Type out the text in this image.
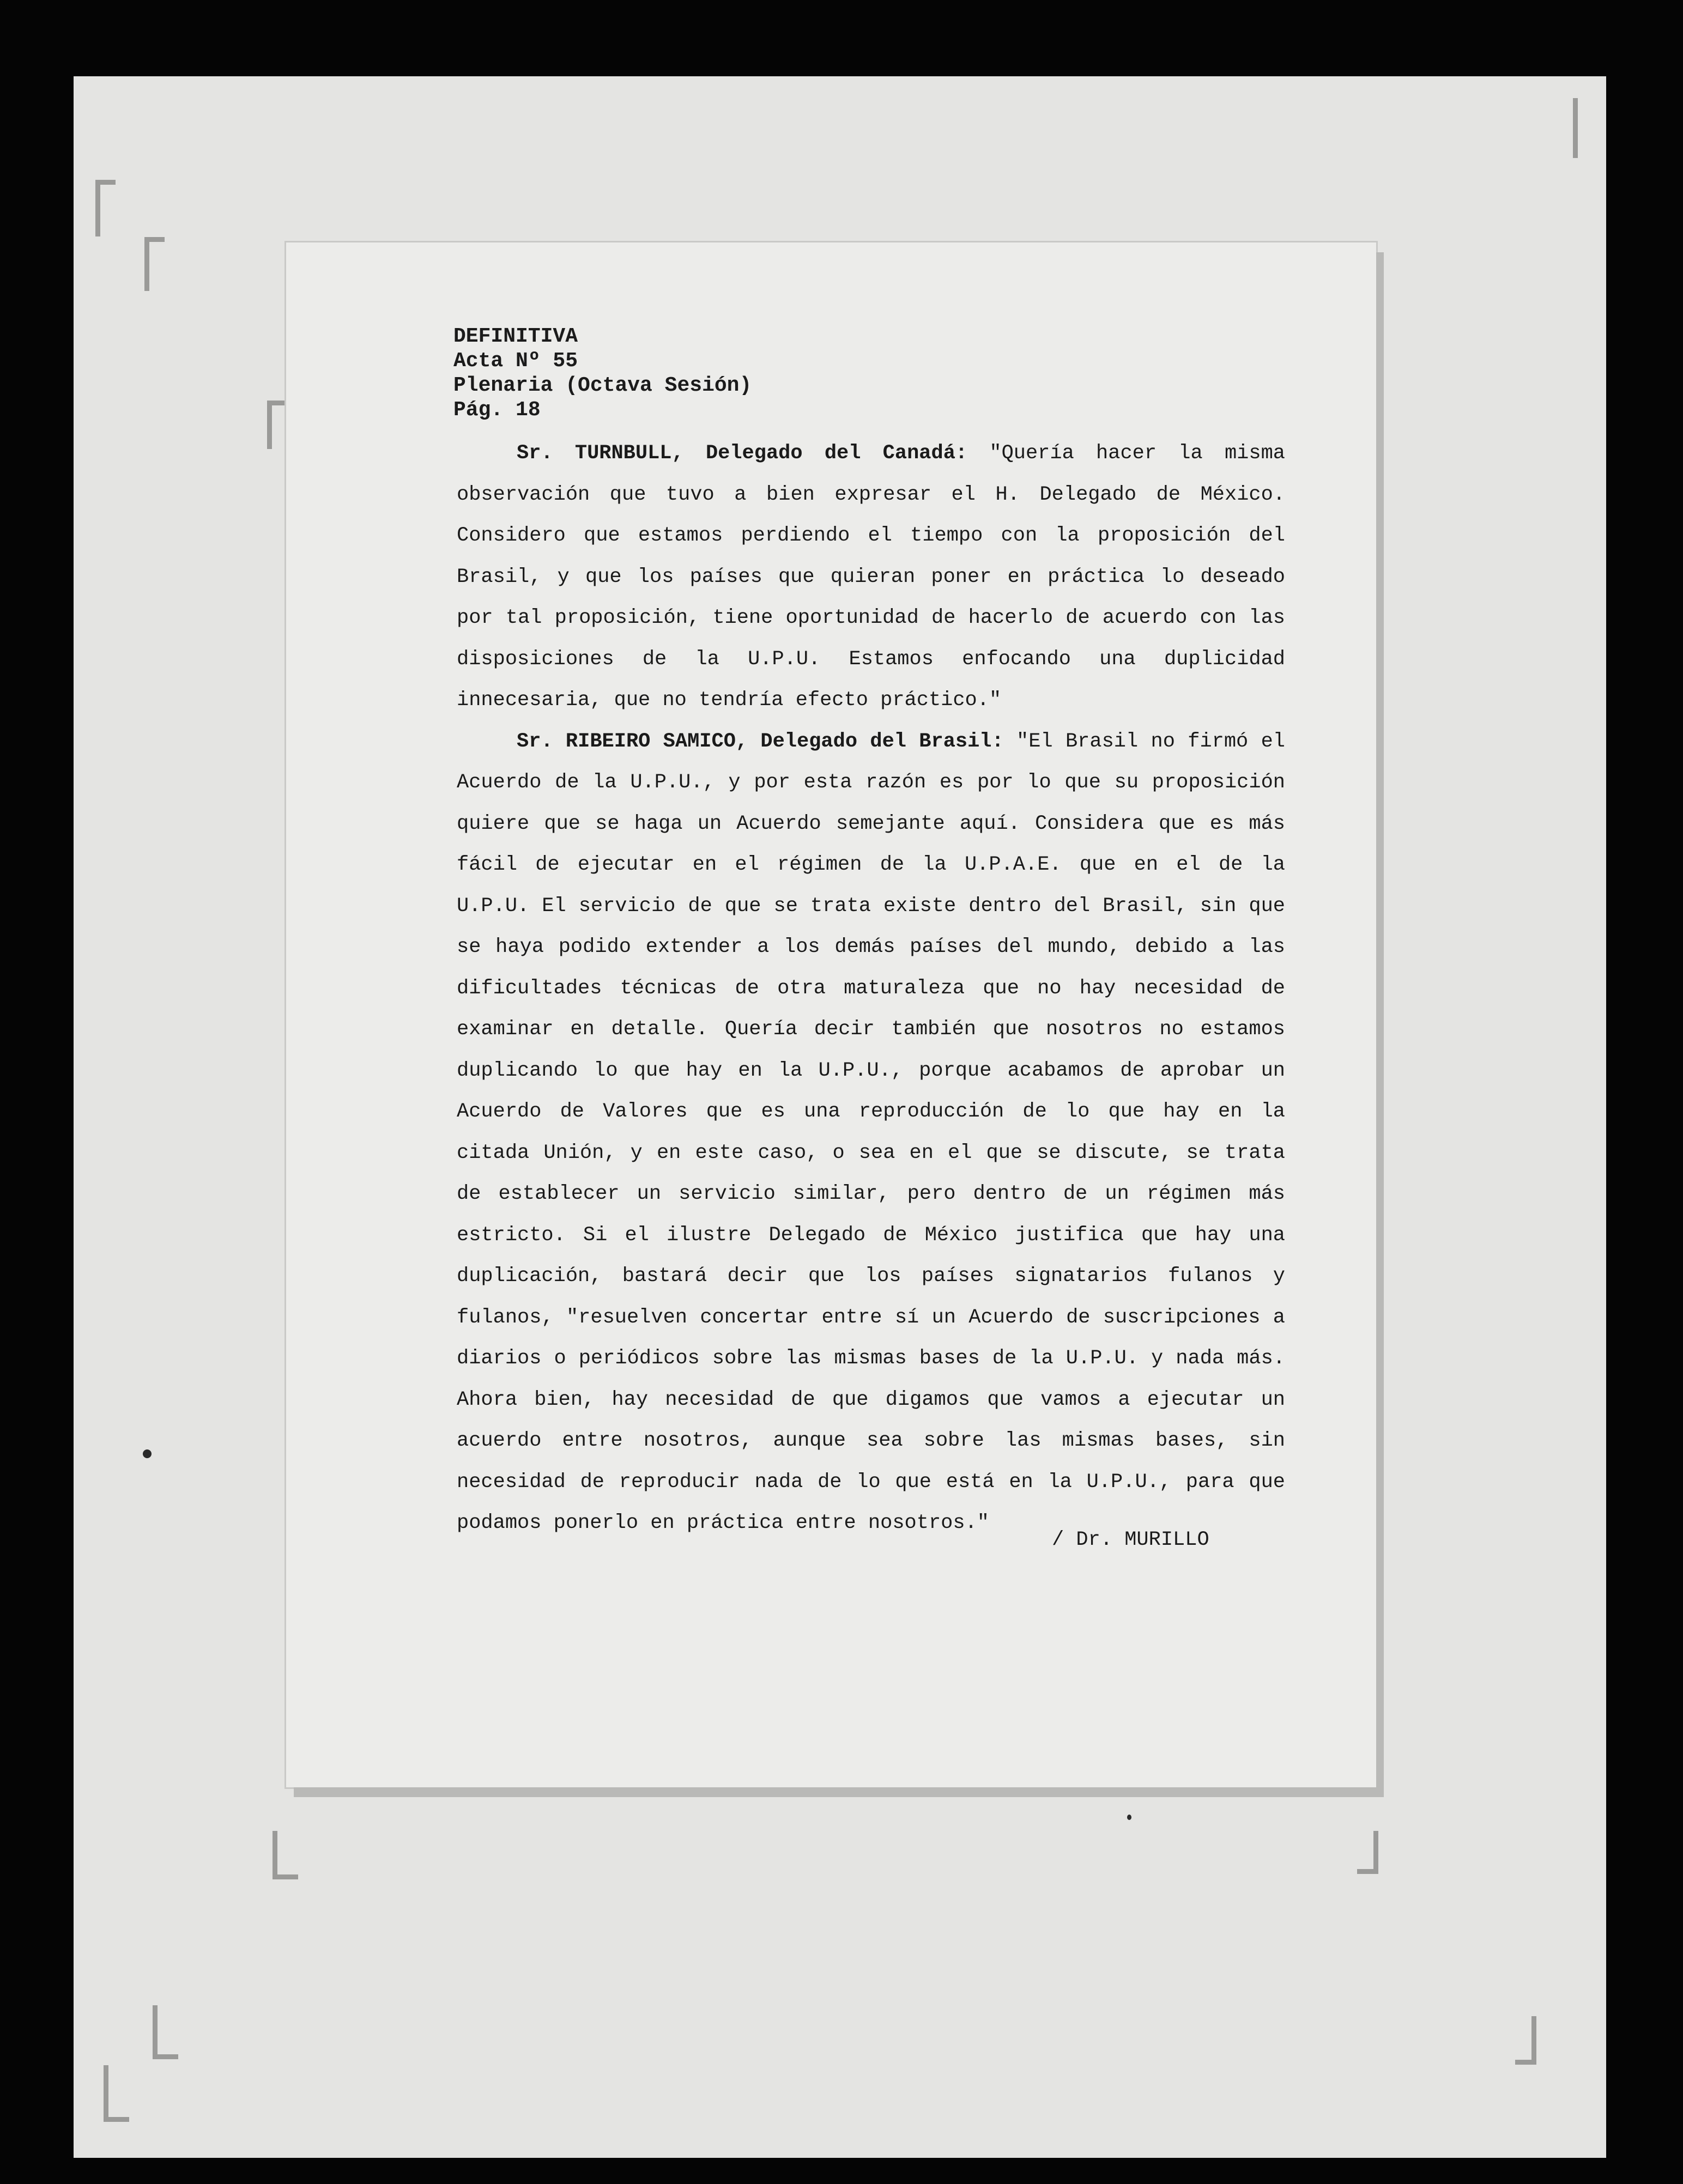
DEFINITIVA
Acta Nº 55
Plenaria (Octava Sesión)
Pág. 18

Sr. TURNBULL, Delegado del Canadá: "Quería hacer la misma observación que tuvo a bien expresar el H. Delegado de México. Considero que estamos perdiendo el tiempo con la proposición del Brasil, y que los países que quieran poner en práctica lo deseado por tal proposición, tiene oportunidad de hacerlo de acuerdo con las disposiciones de la U.P.U. Estamos enfocando una duplicidad innecesaria, que no tendría efecto práctico."

Sr. RIBEIRO SAMICO, Delegado del Brasil: "El Brasil no firmó el Acuerdo de la U.P.U., y por esta razón es por lo que su proposición quiere que se haga un Acuerdo semejante aquí. Considera que es más fácil de ejecutar en el régimen de la U.P.A.E. que en el de la U.P.U. El servicio de que se trata existe dentro del Brasil, sin que se haya podido extender a los demás países del mundo, debido a las dificultades técnicas de otra maturaleza que no hay necesidad de examinar en detalle. Quería decir también que nosotros no estamos duplicando lo que hay en la U.P.U., porque acabamos de aprobar un Acuerdo de Valores que es una reproducción de lo que hay en la citada Unión, y en este caso, o sea en el que se discute, se trata de establecer un servicio similar, pero dentro de un régimen más estricto. Si el ilustre Delegado de México justifica que hay una duplicación, bastará decir que los países signatarios fulanos y fulanos, "resuelven concertar entre sí un Acuerdo de suscripciones a diarios o periódicos sobre las mismas bases de la U.P.U. y nada más. Ahora bien, hay necesidad de que digamos que vamos a ejecutar un acuerdo entre nosotros, aunque sea sobre las mismas bases, sin necesidad de reproducir nada de lo que está en la U.P.U., para que podamos ponerlo en práctica entre nosotros."

/ Dr. MURILLO
